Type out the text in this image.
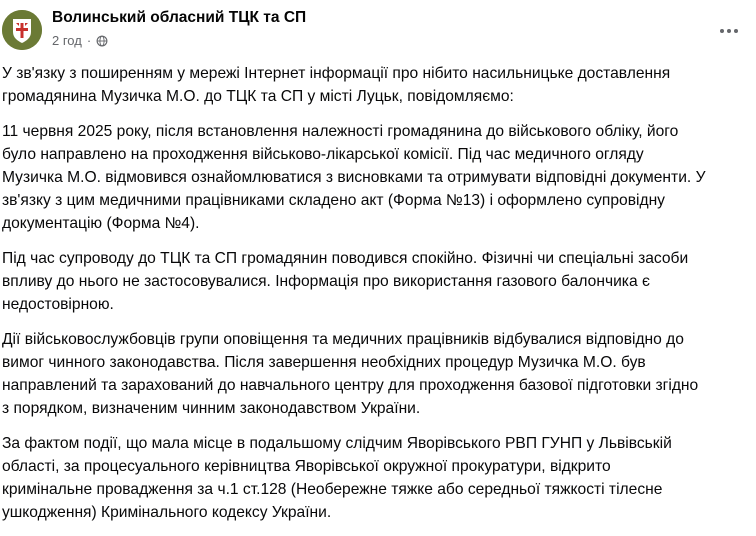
Волинський обласний ТЦК та СП
2 год ·

У зв'язку з поширенням у мережі Інтернет інформації про нібито насильницьке доставлення
громадянина Музичка М.О. до ТЦК та СП у місті Луцьк, повідомляємо:

11 червня 2025 року, після встановлення належності громадянина до військового обліку, його
було направлено на проходження військово-лікарської комісії. Під час медичного огляду
Музичка М.О. відмовився ознайомлюватися з висновками та отримувати відповідні документи. У
зв'язку з цим медичними працівниками складено акт (Форма №13) і оформлено супровідну
документацію (Форма №4).

Під час супроводу до ТЦК та СП громадянин поводився спокійно. Фізичні чи спеціальні засоби
впливу до нього не застосовувалися. Інформація про використання газового балончика є
недостовірною.

Дії військовослужбовців групи оповіщення та медичних працівників відбувалися відповідно до
вимог чинного законодавства. Після завершення необхідних процедур Музичка М.О. був
направлений та зарахований до навчального центру для проходження базової підготовки згідно
з порядком, визначеним чинним законодавством України.

За фактом події, що мала місце в подальшому слідчим Яворівського РВП ГУНП у Львівській
області, за процесуального керівництва Яворівської окружної прокуратури, відкрито
кримінальне провадження за ч.1 ст.128 (Необережне тяжке або середньої тяжкості тілесне
ушкодження) Кримінального кодексу України.
